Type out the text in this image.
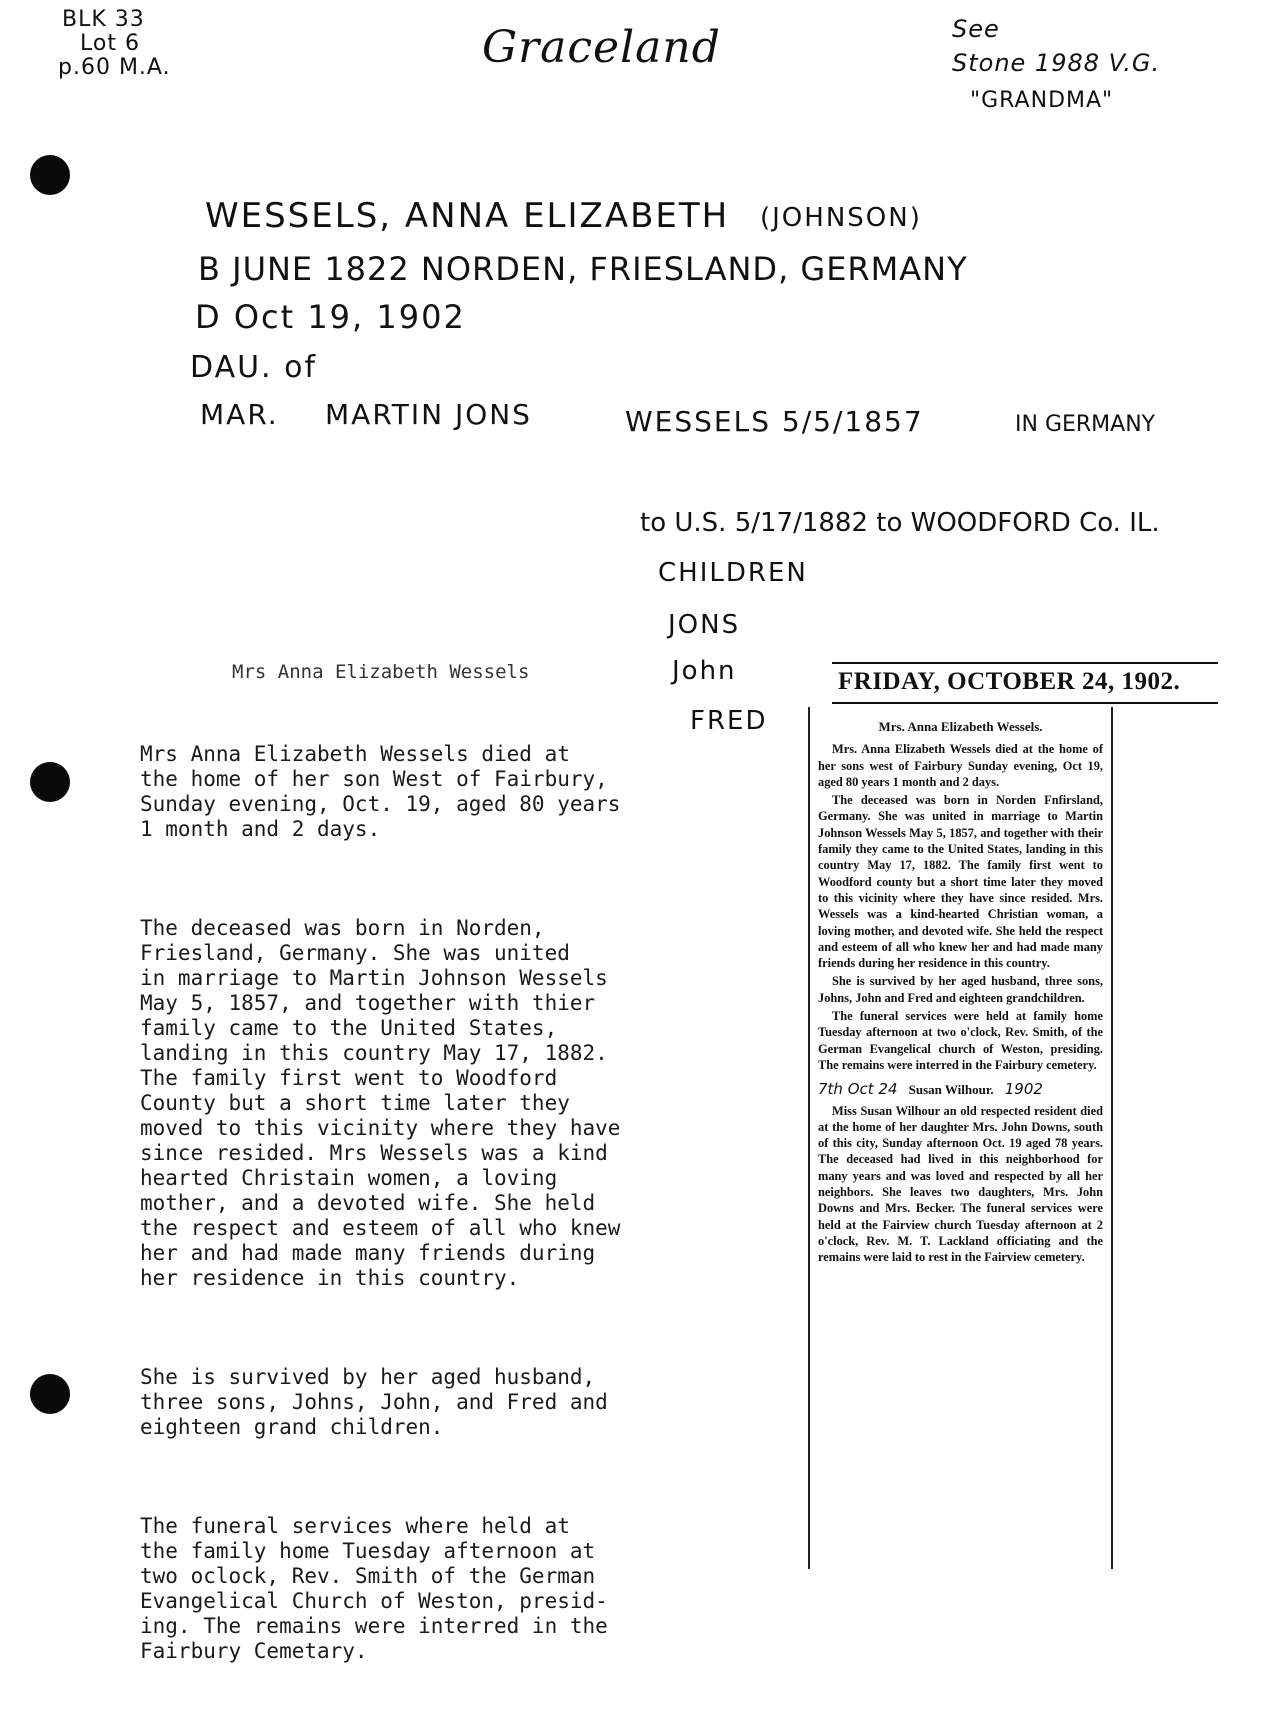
BLK 33
Lot 6
p.60 M.A.	Graceland	See
Stone 1988 V.G.
"GRANDMA"
WESSELS, ANNA ELIZABETH (JOHNSON)
B JUNE 1822 NORDEN, FRIESLAND, GERMANY
D Oct 19, 1902
DAU. of
MAR. MARTIN JONS	WESSELS 5/5/1857	IN GERMANY
to U.S. 5/17/1882 to WOODFORD Co. IL.
CHILDREN
JONS
John
FRED
Mrs Anna Elizabeth Wessels

Mrs Anna Elizabeth Wessels died at
the home of her son West of Fairbury,
Sunday evening, Oct. 19, aged 80 years
1 month and 2 days.

The deceased was born in Norden,
Friesland, Germany. She was united
in marriage to Martin Johnson Wessels
May 5, 1857, and together with thier
family came to the United States,
landing in this country May 17, 1882.
The family first went to Woodford
County but a short time later they
moved to this vicinity where they have
since resided. Mrs Wessels was a kind
hearted Christain women, a loving
mother, and a devoted wife. She held
the respect and esteem of all who knew
her and had made many friends during
her residence in this country.

She is survived by her aged husband,
three sons, Johns, John, and Fred and
eighteen grand children.

The funeral services where held at
the family home Tuesday afternoon at
two oclock, Rev. Smith of the German
Evangelical Church of Weston, presid-
ing. The remains were interred in the
Fairbury Cemetary.

FRIDAY, OCTOBER 24, 1902.
Mrs. Anna Elizabeth Wessels.

Mrs. Anna Elizabeth Wessels died at the home of her sons west of Fairbury Sunday evening, Oct 19, aged 80 years 1 month and 2 days.

The deceased was born in Norden Fnfirsland, Germany. She was united in marriage to Martin Johnson Wessels May 5, 1857, and together with their family they came to the United States, landing in this country May 17, 1882. The family first went to Woodford county but a short time later they moved to this vicinity where they have since resided. Mrs. Wessels was a kind-hearted Christian woman, a loving mother, and devoted wife. She held the respect and esteem of all who knew her and had made many friends during her residence in this country.

She is survived by her aged husband, three sons, Johns, John and Fred and eighteen grandchildren.

The funeral services were held at family home Tuesday afternoon at two o'clock, Rev. Smith, of the German Evangelical church of Weston, presiding. The remains were interred in the Fairbury cemetery.

7th Oct 24 Susan Wilhour. 1902

Miss Susan Wilhour an old respected resident died at the home of her daughter Mrs. John Downs, south of this city, Sunday afternoon Oct. 19 aged 78 years. The deceased had lived in this neighborhood for many years and was loved and respected by all her neighbors. She leaves two daughters, Mrs. John Downs and Mrs. Becker. The funeral services were held at the Fairview church Tuesday afternoon at 2 o'clock, Rev. M. T. Lackland officiating and the remains were laid to rest in the Fairview cemetery.
